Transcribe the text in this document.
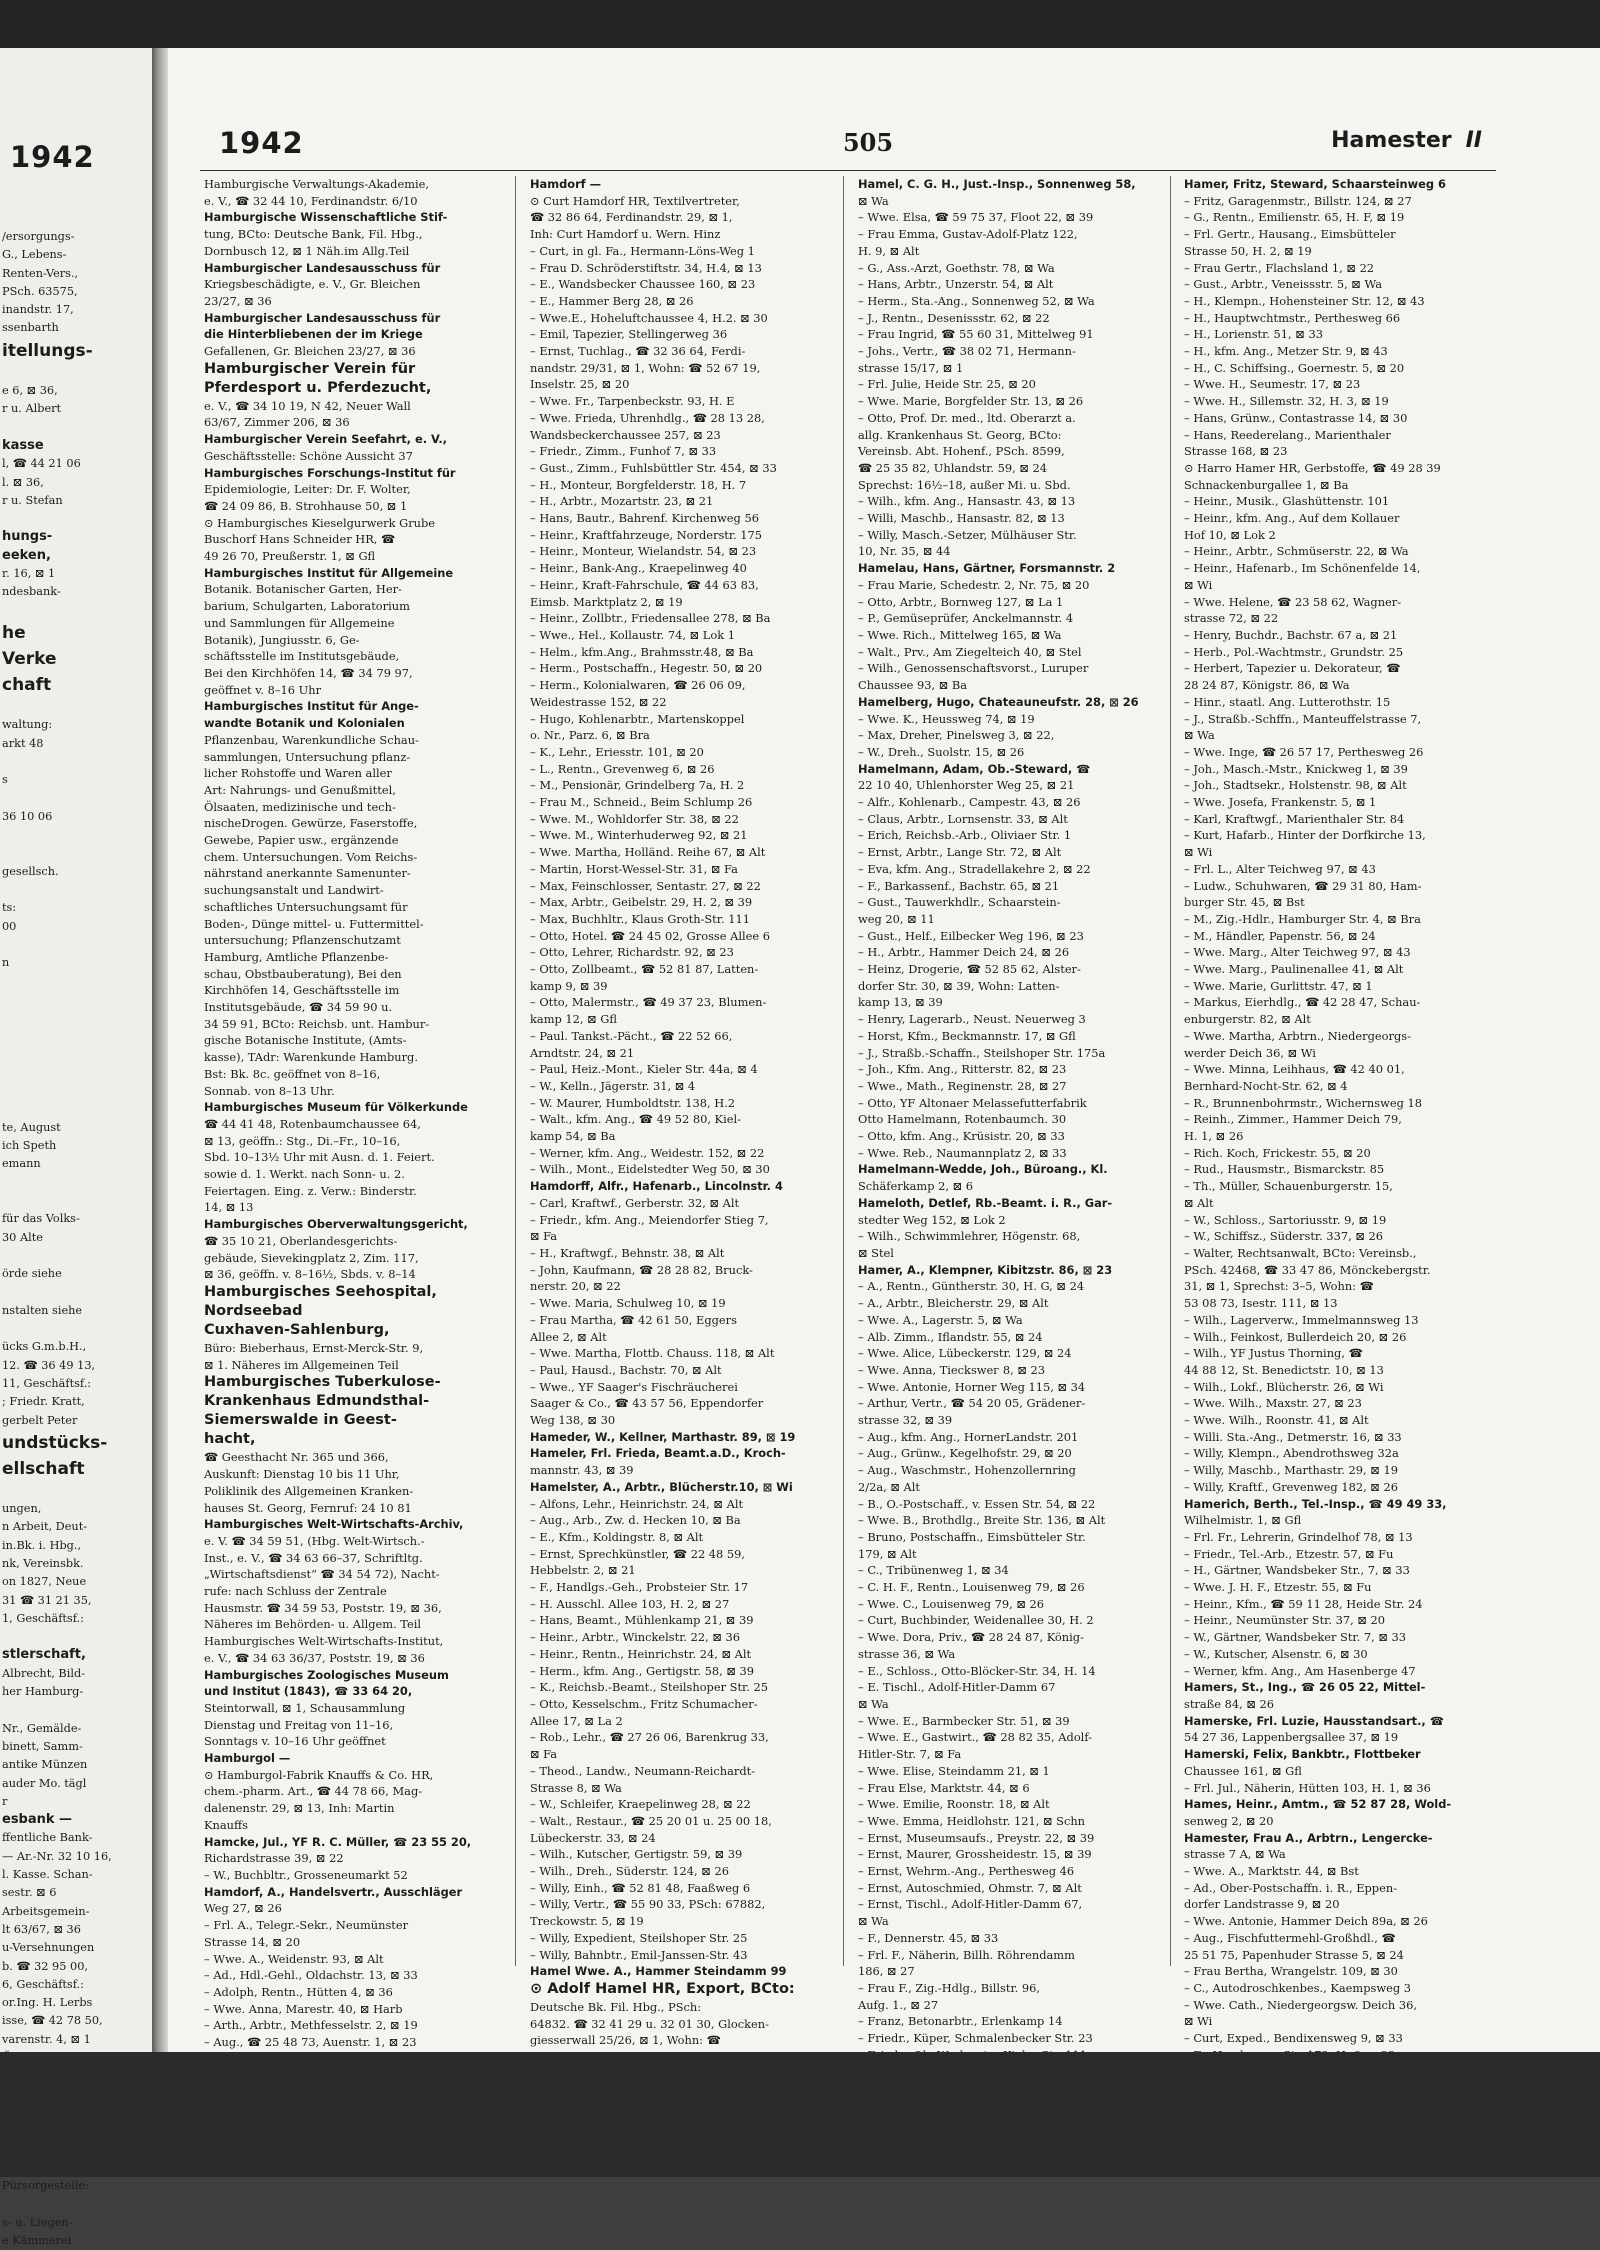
1942
/ersorgungs-
G., Lebens-
Renten-Vers.,
PSch. 63575,
inandstr. 17,
ssenbarth
itellungs-

e 6, ⊠ 36,
r u. Albert

kasse
l, ☎ 44 21 06
l. ⊠ 36,
r u. Stefan

hungs-
eeken,
r. 16, ⊠ 1
ndesbank-

he
Verke
chaft

waltung:
arkt 48

s

36 10 06

gesellsch.

ts:
00

n

te, August
ich Speth
emann

für das Volks-
30 Alte

örde siehe

nstalten siehe

ücks G.m.b.H.,
12. ☎ 36 49 13,
11, Geschäftsf.:
; Friedr. Kratt,
gerbelt Peter
undstücks-
ellschaft

ungen,
n Arbeit, Deut-
in.Bk. i. Hbg.,
nk, Vereinsbk.
on 1827, Neue
31 ☎ 31 21 35,
1, Geschäftsf.:

stlerschaft,
Albrecht, Bild-
her Hamburg-

Nr., Gemälde-
binett, Samm-
antike Münzen
auder Mo. tägl
r
esbank —
ffentliche Bank-
— Ar.-Nr. 32 10 16,
l. Kasse. Schan-
sestr. ⊠ 6
Arbeitsgemein-
lt 63/67, ⊠ 36
u-Versehnungen
b. ☎ 32 95 00,
6, Geschäftsf.:
or.Ing. H. Lerbs
isse, ☎ 42 78 50,
varenstr. 4, ⊠ 1
Pürsorgestelle:

s- u. Liegen-
e Kämmerei
1942	505	Hamester II
Hamburgische Verwaltungs-Akademie,
e. V., ☎ 32 44 10, Ferdinandstr. 6/10
Hamburgische Wissenschaftliche Stif-
tung, BCto: Deutsche Bank, Fil. Hbg.,
Dornbusch 12, ⊠ 1 Näh.im Allg.Teil
Hamburgischer Landesausschuss für
Kriegsbeschädigte, e. V., Gr. Bleichen
23/27, ⊠ 36
Hamburgischer Landesausschuss für
die Hinterbliebenen der im Kriege
Gefallenen, Gr. Bleichen 23/27, ⊠ 36
Hamburgischer Verein für
Pferdesport u. Pferdezucht,
e. V., ☎ 34 10 19, N 42, Neuer Wall
63/67, Zimmer 206, ⊠ 36
Hamburgischer Verein Seefahrt, e. V.,
Geschäftsstelle: Schöne Aussicht 37
Hamburgisches Forschungs-Institut für
Epidemiologie, Leiter: Dr. F. Wolter,
☎ 24 09 86, B. Strohhause 50, ⊠ 1
⊙ Hamburgisches Kieselgurwerk Grube
Buschorf Hans Schneider HR, ☎
49 26 70, Preußerstr. 1, ⊠ Gfl
Hamburgisches Institut für Allgemeine
Botanik. Botanischer Garten, Her-
barium, Schulgarten, Laboratorium
und Sammlungen für Allgemeine
Botanik), Jungiusstr. 6, Ge-
schäftsstelle im Institutsgebäude,
Bei den Kirchhöfen 14, ☎ 34 79 97,
geöffnet v. 8–16 Uhr
Hamburgisches Institut für Ange-
wandte Botanik und Kolonialen
Pflanzenbau, Warenkundliche Schau-
sammlungen, Untersuchung pflanz-
licher Rohstoffe und Waren aller
Art: Nahrungs- und Genußmittel,
Ölsaaten, medizinische und tech-
nischeDrogen. Gewürze, Faserstoffe,
Gewebe, Papier usw., ergänzende
chem. Untersuchungen. Vom Reichs-
nährstand anerkannte Samenunter-
suchungsanstalt und Landwirt-
schaftliches Untersuchungsamt für
Boden-, Dünge mittel- u. Futtermittel-
untersuchung; Pflanzenschutzamt
Hamburg, Amtliche Pflanzenbe-
schau, Obstbauberatung), Bei den
Kirchhöfen 14, Geschäftsstelle im
Institutsgebäude, ☎ 34 59 90 u.
34 59 91, BCto: Reichsb. unt. Hambur-
gische Botanische Institute, (Amts-
kasse), TAdr: Warenkunde Hamburg.
Bst: Bk. 8c. geöffnet von 8–16,
Sonnab. von 8–13 Uhr.
Hamburgisches Museum für Völkerkunde
☎ 44 41 48, Rotenbaumchaussee 64,
⊠ 13, geöffn.: Stg., Di.–Fr., 10–16,
Sbd. 10–13½ Uhr mit Ausn. d. 1. Feiert.
sowie d. 1. Werkt. nach Sonn- u. 2.
Feiertagen. Eing. z. Verw.: Binderstr.
14, ⊠ 13
Hamburgisches Oberverwaltungsgericht,
☎ 35 10 21, Oberlandesgerichts-
gebäude, Sievekingplatz 2, Zim. 117,
⊠ 36, geöffn. v. 8–16½, Sbds. v. 8–14
Hamburgisches Seehospital,
Nordseebad
Cuxhaven-Sahlenburg,
Büro: Bieberhaus, Ernst-Merck-Str. 9,
⊠ 1. Näheres im Allgemeinen Teil
Hamburgisches Tuberkulose-
Krankenhaus Edmundsthal-
Siemerswalde in Geest-
hacht,
☎ Geesthacht Nr. 365 und 366,
Auskunft: Dienstag 10 bis 11 Uhr,
Poliklinik des Allgemeinen Kranken-
hauses St. Georg, Fernruf: 24 10 81
Hamburgisches Welt-Wirtschafts-Archiv,
e. V. ☎ 34 59 51, (Hbg. Welt-Wirtsch.-
Inst., e. V., ☎ 34 63 66–37, Schriftltg.
„Wirtschaftsdienst“ ☎ 34 54 72), Nacht-
rufe: nach Schluss der Zentrale
Hausmstr. ☎ 34 59 53, Poststr. 19, ⊠ 36,
Näheres im Behörden- u. Allgem. Teil
Hamburgisches Welt-Wirtschafts-Institut,
e. V., ☎ 34 63 36/37, Poststr. 19, ⊠ 36
Hamburgisches Zoologisches Museum
und Institut (1843), ☎ 33 64 20,
Steintorwall, ⊠ 1, Schausammlung
Dienstag und Freitag von 11–16,
Sonntags v. 10–16 Uhr geöffnet
Hamburgol —
⊙ Hamburgol-Fabrik Knauffs & Co. HR,
chem.-pharm. Art., ☎ 44 78 66, Mag-
dalenenstr. 29, ⊠ 13, Inh: Martin
Knauffs
Hamcke, Jul., YF R. C. Müller, ☎ 23 55 20,
Richardstrasse 39, ⊠ 22
– W., Buchbltr., Grosseneumarkt 52
Hamdorf, A., Handelsvertr., Ausschläger
Weg 27, ⊠ 26
– Frl. A., Telegr.-Sekr., Neumünster
Strasse 14, ⊠ 20
– Wwe. A., Weidenstr. 93, ⊠ Alt
– Ad., Hdl.-Gehl., Oldachstr. 13, ⊠ 33
– Adolph, Rentn., Hütten 4, ⊠ 36
– Wwe. Anna, Marestr. 40, ⊠ Harb
– Arth., Arbtr., Methfesselstr. 2, ⊠ 19
– Aug., ☎ 25 48 73, Auenstr. 1, ⊠ 23
Hamdorf —
⊙ Curt Hamdorf HR, Textilvertreter,
☎ 32 86 64, Ferdinandstr. 29, ⊠ 1,
Inh: Curt Hamdorf u. Wern. Hinz
– Curt, in gl. Fa., Hermann-Löns-Weg 1
– Frau D. Schröderstiftstr. 34, H.4, ⊠ 13
– E., Wandsbecker Chaussee 160, ⊠ 23
– E., Hammer Berg 28, ⊠ 26
– Wwe.E., Hoheluftchaussee 4, H.2. ⊠ 30
– Emil, Tapezier, Stellingerweg 36
– Ernst, Tuchlag., ☎ 32 36 64, Ferdi-
nandstr. 29/31, ⊠ 1, Wohn: ☎ 52 67 19,
Inselstr. 25, ⊠ 20
– Wwe. Fr., Tarpenbeckstr. 93, H. E
– Wwe. Frieda, Uhrenhdlg., ☎ 28 13 28,
Wandsbeckerchaussee 257, ⊠ 23
– Friedr., Zimm., Funhof 7, ⊠ 33
– Gust., Zimm., Fuhlsbüttler Str. 454, ⊠ 33
– H., Monteur, Borgfelderstr. 18, H. 7
– H., Arbtr., Mozartstr. 23, ⊠ 21
– Hans, Bautr., Bahrenf. Kirchenweg 56
– Heinr., Kraftfahrzeuge, Norderstr. 175
– Heinr., Monteur, Wielandstr. 54, ⊠ 23
– Heinr., Bank-Ang., Kraepelinweg 40
– Heinr., Kraft-Fahrschule, ☎ 44 63 83,
Eimsb. Marktplatz 2, ⊠ 19
– Heinr., Zollbtr., Friedensallee 278, ⊠ Ba
– Wwe., Hel., Kollaustr. 74, ⊠ Lok 1
– Helm., kfm.Ang., Brahmsstr.48, ⊠ Ba
– Herm., Postschaffn., Hegestr. 50, ⊠ 20
– Herm., Kolonialwaren, ☎ 26 06 09,
Weidestrasse 152, ⊠ 22
– Hugo, Kohlenarbtr., Martenskoppel
o. Nr., Parz. 6, ⊠ Bra
– K., Lehr., Eriesstr. 101, ⊠ 20
– L., Rentn., Grevenweg 6, ⊠ 26
– M., Pensionär, Grindelberg 7a, H. 2
– Frau M., Schneid., Beim Schlump 26
– Wwe. M., Wohldorfer Str. 38, ⊠ 22
– Wwe. M., Winterhuderweg 92, ⊠ 21
– Wwe. Martha, Holländ. Reihe 67, ⊠ Alt
– Martin, Horst-Wessel-Str. 31, ⊠ Fa
– Max, Feinschlosser, Sentastr. 27, ⊠ 22
– Max, Arbtr., Geibelstr. 29, H. 2, ⊠ 39
– Max, Buchhltr., Klaus Groth-Str. 111
– Otto, Hotel. ☎ 24 45 02, Grosse Allee 6
– Otto, Lehrer, Richardstr. 92, ⊠ 23
– Otto, Zollbeamt., ☎ 52 81 87, Latten-
kamp 9, ⊠ 39
– Otto, Malermstr., ☎ 49 37 23, Blumen-
kamp 12, ⊠ Gfl
– Paul. Tankst.-Pächt., ☎ 22 52 66,
Arndtstr. 24, ⊠ 21
– Paul, Heiz.-Mont., Kieler Str. 44a, ⊠ 4
– W., Kelln., Jägerstr. 31, ⊠ 4
– W. Maurer, Humboldtstr. 138, H.2
– Walt., kfm. Ang., ☎ 49 52 80, Kiel-
kamp 54, ⊠ Ba
– Werner, kfm. Ang., Weidestr. 152, ⊠ 22
– Wilh., Mont., Eidelstedter Weg 50, ⊠ 30
Hamdorff, Alfr., Hafenarb., Lincolnstr. 4
– Carl, Kraftwf., Gerberstr. 32, ⊠ Alt
– Friedr., kfm. Ang., Meiendorfer Stieg 7,
⊠ Fa
– H., Kraftwgf., Behnstr. 38, ⊠ Alt
– John, Kaufmann, ☎ 28 28 82, Bruck-
nerstr. 20, ⊠ 22
– Wwe. Maria, Schulweg 10, ⊠ 19
– Frau Martha, ☎ 42 61 50, Eggers
Allee 2, ⊠ Alt
– Wwe. Martha, Flottb. Chauss. 118, ⊠ Alt
– Paul, Hausd., Bachstr. 70, ⊠ Alt
– Wwe., YF Saager's Fischräucherei
Saager & Co., ☎ 43 57 56, Eppendorfer
Weg 138, ⊠ 30
Hameder, W., Kellner, Marthastr. 89, ⊠ 19
Hameler, Frl. Frieda, Beamt.a.D., Kroch-
mannstr. 43, ⊠ 39
Hamelster, A., Arbtr., Blücherstr.10, ⊠ Wi
– Alfons, Lehr., Heinrichstr. 24, ⊠ Alt
– Aug., Arb., Zw. d. Hecken 10, ⊠ Ba
– E., Kfm., Koldingstr. 8, ⊠ Alt
– Ernst, Sprechkünstler, ☎ 22 48 59,
Hebbelstr. 2, ⊠ 21
– F., Handlgs.-Geh., Probsteier Str. 17
– H. Ausschl. Allee 103, H. 2, ⊠ 27
– Hans, Beamt., Mühlenkamp 21, ⊠ 39
– Heinr., Arbtr., Winckelstr. 22, ⊠ 36
– Heinr., Rentn., Heinrichstr. 24, ⊠ Alt
– Herm., kfm. Ang., Gertigstr. 58, ⊠ 39
– K., Reichsb.-Beamt., Steilshoper Str. 25
– Otto, Kesselschm., Fritz Schumacher-
Allee 17, ⊠ La 2
– Rob., Lehr., ☎ 27 26 06, Barenkrug 33,
⊠ Fa
– Theod., Landw., Neumann-Reichardt-
Strasse 8, ⊠ Wa
– W., Schleifer, Kraepelinweg 28, ⊠ 22
– Walt., Restaur., ☎ 25 20 01 u. 25 00 18,
Lübeckerstr. 33, ⊠ 24
– Wilh., Kutscher, Gertigstr. 59, ⊠ 39
– Wilh., Dreh., Süderstr. 124, ⊠ 26
– Willy, Einh., ☎ 52 81 48, Faaßweg 6
– Willy, Vertr., ☎ 55 90 33, PSch: 67882,
Treckowstr. 5, ⊠ 19
– Willy, Expedient, Steilshoper Str. 25
– Willy, Bahnbtr., Emil-Janssen-Str. 43
Hamel Wwe. A., Hammer Steindamm 99
⊙ Adolf Hamel HR, Export, BCto:
Deutsche Bk. Fil. Hbg., PSch:
64832. ☎ 32 41 29 u. 32 01 30, Glocken-
giesserwall 25/26, ⊠ 1, Wohn: ☎
Hamel, C. G. H., Just.-Insp., Sonnenweg 58,
⊠ Wa
– Wwe. Elsa, ☎ 59 75 37, Floot 22, ⊠ 39
– Frau Emma, Gustav-Adolf-Platz 122,
H. 9, ⊠ Alt
– G., Ass.-Arzt, Goethstr. 78, ⊠ Wa
– Hans, Arbtr., Unzerstr. 54, ⊠ Alt
– Herm., Sta.-Ang., Sonnenweg 52, ⊠ Wa
– J., Rentn., Desenissstr. 62, ⊠ 22
– Frau Ingrid, ☎ 55 60 31, Mittelweg 91
– Johs., Vertr., ☎ 38 02 71, Hermann-
strasse 15/17, ⊠ 1
– Frl. Julie, Heide Str. 25, ⊠ 20
– Wwe. Marie, Borgfelder Str. 13, ⊠ 26
– Otto, Prof. Dr. med., ltd. Oberarzt a.
allg. Krankenhaus St. Georg, BCto:
Vereinsb. Abt. Hohenf., PSch. 8599,
☎ 25 35 82, Uhlandstr. 59, ⊠ 24
Sprechst: 16½–18, außer Mi. u. Sbd.
– Wilh., kfm. Ang., Hansastr. 43, ⊠ 13
– Willi, Maschb., Hansastr. 82, ⊠ 13
– Willy, Masch.-Setzer, Mülhäuser Str.
10, Nr. 35, ⊠ 44
Hamelau, Hans, Gärtner, Forsmannstr. 2
– Frau Marie, Schedestr. 2, Nr. 75, ⊠ 20
– Otto, Arbtr., Bornweg 127, ⊠ La 1
– P., Gemüseprüfer, Anckelmannstr. 4
– Wwe. Rich., Mittelweg 165, ⊠ Wa
– Walt., Prv., Am Ziegelteich 40, ⊠ Stel
– Wilh., Genossenschaftsvorst., Luruper
Chaussee 93, ⊠ Ba
Hamelberg, Hugo, Chateauneufstr. 28, ⊠ 26
– Wwe. K., Heussweg 74, ⊠ 19
– Max, Dreher, Pinelsweg 3, ⊠ 22,
– W., Dreh., Suolstr. 15, ⊠ 26
Hamelmann, Adam, Ob.-Steward, ☎
22 10 40, Uhlenhorster Weg 25, ⊠ 21
– Alfr., Kohlenarb., Campestr. 43, ⊠ 26
– Claus, Arbtr., Lornsenstr. 33, ⊠ Alt
– Erich, Reichsb.-Arb., Oliviaer Str. 1
– Ernst, Arbtr., Lange Str. 72, ⊠ Alt
– Eva, kfm. Ang., Stradellakehre 2, ⊠ 22
– F., Barkassenf., Bachstr. 65, ⊠ 21
– Gust., Tauwerkhdlr., Schaarstein-
weg 20, ⊠ 11
– Gust., Helf., Eilbecker Weg 196, ⊠ 23
– H., Arbtr., Hammer Deich 24, ⊠ 26
– Heinz, Drogerie, ☎ 52 85 62, Alster-
dorfer Str. 30, ⊠ 39, Wohn: Latten-
kamp 13, ⊠ 39
– Henry, Lagerarb., Neust. Neuerweg 3
– Horst, Kfm., Beckmannstr. 17, ⊠ Gfl
– J., Straßb.-Schaffn., Steilshoper Str. 175a
– Joh., Kfm. Ang., Ritterstr. 82, ⊠ 23
– Wwe., Math., Reginenstr. 28, ⊠ 27
– Otto, YF Altonaer Melassefutterfabrik
Otto Hamelmann, Rotenbaumch. 30
– Otto, kfm. Ang., Krüsistr. 20, ⊠ 33
– Wwe. Reb., Naumannplatz 2, ⊠ 33
Hamelmann-Wedde, Joh., Büroang., Kl.
Schäferkamp 2, ⊠ 6
Hameloth, Detlef, Rb.-Beamt. i. R., Gar-
stedter Weg 152, ⊠ Lok 2
– Wilh., Schwimmlehrer, Högenstr. 68,
⊠ Stel
Hamer, A., Klempner, Kibitzstr. 86, ⊠ 23
– A., Rentn., Güntherstr. 30, H. G, ⊠ 24
– A., Arbtr., Bleicherstr. 29, ⊠ Alt
– Wwe. A., Lagerstr. 5, ⊠ Wa
– Alb. Zimm., Iflandstr. 55, ⊠ 24
– Wwe. Alice, Lübeckerstr. 129, ⊠ 24
– Wwe. Anna, Tieckswег 8, ⊠ 23
– Wwe. Antonie, Horner Weg 115, ⊠ 34
– Arthur, Vertr., ☎ 54 20 05, Grädener-
strasse 32, ⊠ 39
– Aug., kfm. Ang., HornerLandstr. 201
– Aug., Grünw., Kegelhofstr. 29, ⊠ 20
– Aug., Waschmstr., Hohenzollernring
2/2a, ⊠ Alt
– B., O.-Postschaff., v. Essen Str. 54, ⊠ 22
– Wwe. B., Brothdlg., Breite Str. 136, ⊠ Alt
– Bruno, Postschaffn., Eimsbütteler Str.
179, ⊠ Alt
– C., Tribünenweg 1, ⊠ 34
– C. H. F., Rentn., Louisenweg 79, ⊠ 26
– Wwe. C., Louisenweg 79, ⊠ 26
– Curt, Buchbinder, Weidenallee 30, H. 2
– Wwe. Dora, Priv., ☎ 28 24 87, König-
strasse 36, ⊠ Wa
– E., Schloss., Otto-Blöcker-Str. 34, H. 14
– E. Tischl., Adolf-Hitler-Damm 67
⊠ Wa
– Wwe. E., Barmbecker Str. 51, ⊠ 39
– Wwe. E., Gastwirt., ☎ 28 82 35, Adolf-
Hitler-Str. 7, ⊠ Fa
– Wwe. Elise, Steindamm 21, ⊠ 1
– Frau Else, Marktstr. 44, ⊠ 6
– Wwe. Emilie, Roonstr. 18, ⊠ Alt
– Wwe. Emma, Heidlohstr. 121, ⊠ Schn
– Ernst, Museumsaufs., Preystr. 22, ⊠ 39
– Ernst, Maurer, Grossheidestr. 15, ⊠ 39
– Ernst, Wehrm.-Ang., Perthesweg 46
– Ernst, Autoschmied, Ohmstr. 7, ⊠ Alt
– Ernst, Tischl., Adolf-Hitler-Damm 67,
⊠ Wa
– F., Dennerstr. 45, ⊠ 33
– Frl. F., Näherin, Billh. Röhrendamm
186, ⊠ 27
– Frau F., Zig.-Hdlg., Billstr. 96,
Aufg. 1., ⊠ 27
– Franz, Betonarbtr., Erlenkamp 14
– Friedr., Küper, Schmalenbecker Str. 23
Hamer, Fritz, Steward, Schaarsteinweg 6
– Fritz, Garagenmstr., Billstr. 124, ⊠ 27
– G., Rentn., Emilienstr. 65, H. F, ⊠ 19
– Frl. Gertr., Hausang., Eimsbütteler
Strasse 50, H. 2, ⊠ 19
– Frau Gertr., Flachsland 1, ⊠ 22
– Gust., Arbtr., Veneissstr. 5, ⊠ Wa
– H., Klempn., Hohensteiner Str. 12, ⊠ 43
– H., Hauptwchtmstr., Perthesweg 66
– H., Lorienstr. 51, ⊠ 33
– H., kfm. Ang., Metzer Str. 9, ⊠ 43
– H., C. Schiffsing., Goernestr. 5, ⊠ 20
– Wwe. H., Seumestr. 17, ⊠ 23
– Wwe. H., Sillemstr. 32, H. 3, ⊠ 19
– Hans, Grünw., Contastrasse 14, ⊠ 30
– Hans, Reederelang., Marienthaler
Strasse 168, ⊠ 23
⊙ Harro Hamer HR, Gerbstoffe, ☎ 49 28 39
Schnackenburgallee 1, ⊠ Ba
– Heinr., Musik., Glashüttenstr. 101
– Heinr., kfm. Ang., Auf dem Kollauer
Hof 10, ⊠ Lok 2
– Heinr., Arbtr., Schmüserstr. 22, ⊠ Wa
– Heinr., Hafenarb., Im Schönenfelde 14,
⊠ Wi
– Wwe. Helene, ☎ 23 58 62, Wagner-
strasse 72, ⊠ 22
– Henry, Buchdr., Bachstr. 67 a, ⊠ 21
– Herb., Pol.-Wachtmstr., Grundstr. 25
– Herbert, Tapezier u. Dekorateur, ☎
28 24 87, Königstr. 86, ⊠ Wa
– Hinr., staatl. Ang. Lutterothstr. 15
– J., Straßb.-Schffn., Manteuffelstrasse 7,
⊠ Wa
– Wwe. Inge, ☎ 26 57 17, Perthesweg 26
– Joh., Masch.-Mstr., Knickweg 1, ⊠ 39
– Joh., Stadtsekr., Holstenstr. 98, ⊠ Alt
– Wwe. Josefa, Frankenstr. 5, ⊠ 1
– Karl, Kraftwgf., Marienthaler Str. 84
– Kurt, Hafarb., Hinter der Dorfkirche 13,
⊠ Wi
– Frl. L., Alter Teichweg 97, ⊠ 43
– Ludw., Schuhwaren, ☎ 29 31 80, Ham-
burger Str. 45, ⊠ Bst
– M., Zig.-Hdlr., Hamburger Str. 4, ⊠ Bra
– M., Händler, Papenstr. 56, ⊠ 24
– Wwe. Marg., Alter Teichweg 97, ⊠ 43
– Wwe. Marg., Paulinenallee 41, ⊠ Alt
– Wwe. Marie, Gurlittstr. 47, ⊠ 1
– Markus, Eierhdlg., ☎ 42 28 47, Schau-
enburgerstr. 82, ⊠ Alt
– Wwe. Martha, Arbtrn., Niedergeorgs-
werder Deich 36, ⊠ Wi
– Wwe. Minna, Leihhaus, ☎ 42 40 01,
Bernhard-Nocht-Str. 62, ⊠ 4
– R., Brunnenbohrmstr., Wichernsweg 18
– Reinh., Zimmer., Hammer Deich 79,
H. 1, ⊠ 26
– Rich. Koch, Frickestr. 55, ⊠ 20
– Rud., Hausmstr., Bismarckstr. 85
– Th., Müller, Schauenburgerstr. 15,
⊠ Alt
– W., Schloss., Sartoriusstr. 9, ⊠ 19
– W., Schiffsz., Süderstr. 337, ⊠ 26
– Walter, Rechtsanwalt, BCto: Vereinsb.,
PSch. 42468, ☎ 33 47 86, Mönckebergstr.
31, ⊠ 1, Sprechst: 3–5, Wohn: ☎
53 08 73, Isestr. 111, ⊠ 13
– Wilh., Lagerverw., Immelmannsweg 13
– Wilh., Feinkost, Bullerdeich 20, ⊠ 26
– Wilh., YF Justus Thorning, ☎
44 88 12, St. Benedictstr. 10, ⊠ 13
– Wilh., Lokf., Blücherstr. 26, ⊠ Wi
– Wwe. Wilh., Maxstr. 27, ⊠ 23
– Wwe. Wilh., Roonstr. 41, ⊠ Alt
– Willi. Sta.-Ang., Detmerstr. 16, ⊠ 33
– Willy, Klempn., Abendrothsweg 32a
– Willy, Maschb., Marthastr. 29, ⊠ 19
– Willy, Kraftf., Grevenweg 182, ⊠ 26
Hamerich, Berth., Tel.-Insp., ☎ 49 49 33,
Wilhelmistr. 1, ⊠ Gfl
– Frl. Fr., Lehrerin, Grindelhof 78, ⊠ 13
– Friedr., Tel.-Arb., Etzestr. 57, ⊠ Fu
– H., Gärtner, Wandsbeker Str., 7, ⊠ 33
– Wwe. J. H. F., Etzestr. 55, ⊠ Fu
– Heinr., Kfm., ☎ 59 11 28, Heide Str. 24
– Heinr., Neumünster Str. 37, ⊠ 20
– W., Gärtner, Wandsbeker Str. 7, ⊠ 33
– W., Kutscher, Alsenstr. 6, ⊠ 30
– Werner, kfm. Ang., Am Hasenberge 47
Hamers, St., Ing., ☎ 26 05 22, Mittel-
straße 84, ⊠ 26
Hamerske, Frl. Luzie, Hausstandsart., ☎
54 27 36, Lappenbergsallee 37, ⊠ 19
Hamerski, Felix, Bankbtr., Flottbeker
Chaussee 161, ⊠ Gfl
– Frl. Jul., Näherin, Hütten 103, H. 1, ⊠ 36
Hames, Heinr., Amtm., ☎ 52 87 28, Wold-
senweg 2, ⊠ 20
Hamester, Frau A., Arbtrn., Lengercke-
strasse 7 A, ⊠ Wa
– Wwe. A., Marktstr. 44, ⊠ Bst
– Ad., Ober-Postschaffn. i. R., Eppen-
dorfer Landstrasse 9, ⊠ 20
– Wwe. Antonie, Hammer Deich 89a, ⊠ 26
– Aug., Fischfuttermehl-Großhdl., ☎
25 51 75, Papenhuder Strasse 5, ⊠ 24
– Frau Bertha, Wrangelstr. 109, ⊠ 30
– C., Autodroschkenbes., Kaempsweg 3
– Wwe. Cath., Niedergeorgsw. Deich 36,
⊠ Wi
– Curt, Exped., Bendixensweg 9, ⊠ 33
